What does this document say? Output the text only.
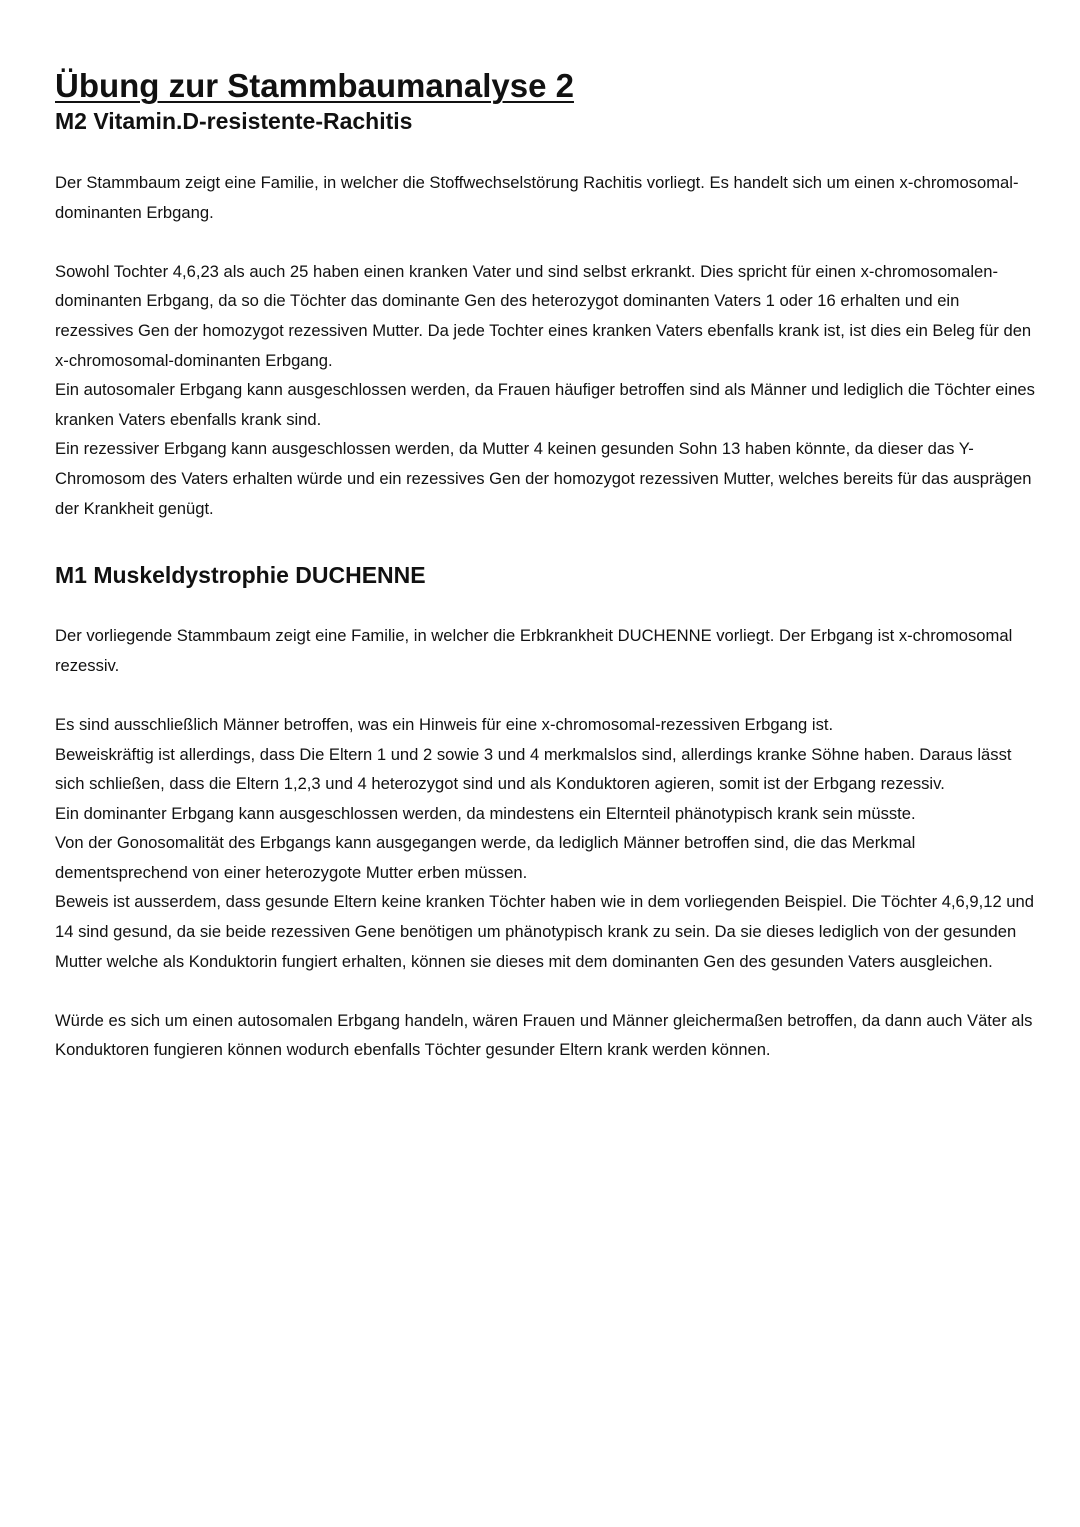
Übung zur Stammbaumanalyse 2
M2 Vitamin.D-resistente-Rachitis

Der Stammbaum zeigt eine Familie, in welcher die Stoffwechselstörung Rachitis vorliegt. Es handelt sich um einen x-chromosomal-dominanten Erbgang.

Sowohl Tochter 4,6,23 als auch 25 haben einen kranken Vater und sind selbst erkrankt. Dies spricht für einen x-chromosomalen-dominanten Erbgang, da so die Töchter das dominante Gen des heterozygot dominanten Vaters 1 oder 16 erhalten und ein rezessives Gen der homozygot rezessiven Mutter. Da jede Tochter eines kranken Vaters ebenfalls krank ist, ist dies ein Beleg für den x-chromosomal-dominanten Erbgang.

Ein autosomaler Erbgang kann ausgeschlossen werden, da Frauen häufiger betroffen sind als Männer und lediglich die Töchter eines kranken Vaters ebenfalls krank sind.

Ein rezessiver Erbgang kann ausgeschlossen werden, da Mutter 4 keinen gesunden Sohn 13 haben könnte, da dieser das Y-Chromosom des Vaters erhalten würde und ein rezessives Gen der homozygot rezessiven Mutter, welches bereits für das ausprägen der Krankheit genügt.

M1 Muskeldystrophie DUCHENNE

Der vorliegende Stammbaum zeigt eine Familie, in welcher die Erbkrankheit DUCHENNE vorliegt. Der Erbgang ist x-chromosomal rezessiv.

Es sind ausschließlich Männer betroffen, was ein Hinweis für eine x-chromosomal-rezessiven Erbgang ist.

Beweiskräftig ist allerdings, dass Die Eltern 1 und 2 sowie 3 und 4 merkmalslos sind, allerdings kranke Söhne haben. Daraus lässt sich schließen, dass die Eltern 1,2,3 und 4 heterozygot sind und als Konduktoren agieren, somit ist der Erbgang rezessiv.

Ein dominanter Erbgang kann ausgeschlossen werden, da mindestens ein Elternteil phänotypisch krank sein müsste.

Von der Gonosomalität des Erbgangs kann ausgegangen werde, da lediglich Männer betroffen sind, die das Merkmal dementsprechend von einer heterozygote Mutter erben müssen.

Beweis ist ausserdem, dass gesunde Eltern keine kranken Töchter haben wie in dem vorliegenden Beispiel. Die Töchter 4,6,9,12 und 14 sind gesund, da sie beide rezessiven Gene benötigen um phänotypisch krank zu sein. Da sie dieses lediglich von der gesunden Mutter welche als Konduktorin fungiert erhalten, können sie dieses mit dem dominanten Gen des gesunden Vaters ausgleichen.

Würde es sich um einen autosomalen Erbgang handeln, wären Frauen und Männer gleichermaßen betroffen, da dann auch Väter als Konduktoren fungieren können wodurch ebenfalls Töchter gesunder Eltern krank werden können.
